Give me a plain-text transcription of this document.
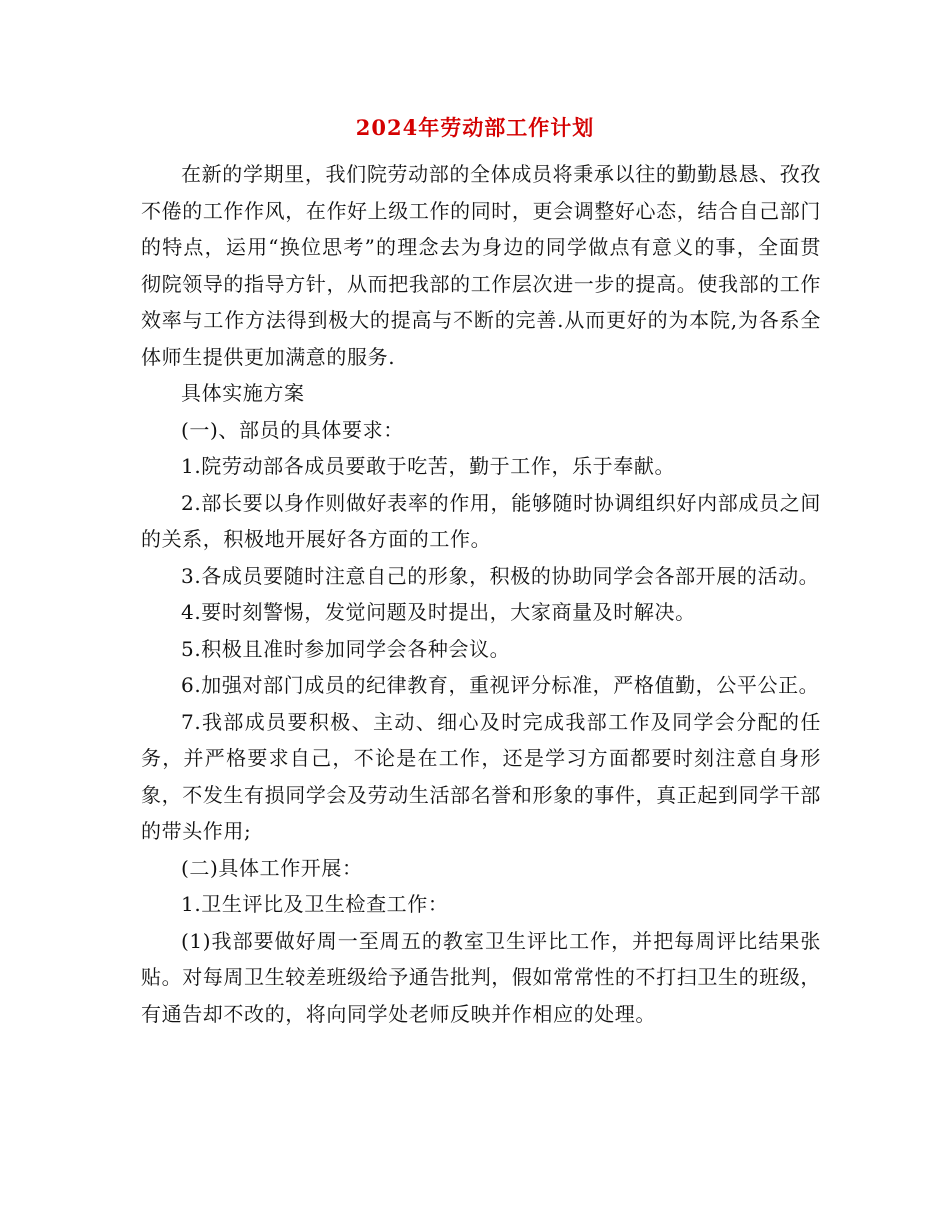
2024年劳动部工作计划

在新的学期里，我们院劳动部的全体成员将秉承以往的勤勤恳恳、孜孜不倦的工作作风，在作好上级工作的同时，更会调整好心态，结合自己部门的特点，运用“换位思考”的理念去为身边的同学做点有意义的事，全面贯彻院领导的指导方针，从而把我部的工作层次进一步的提高。使我部的工作效率与工作方法得到极大的提高与不断的完善.从而更好的为本院,为各系全体师生提供更加满意的服务.

具体实施方案

(一)、部员的具体要求：

1.院劳动部各成员要敢于吃苦，勤于工作，乐于奉献。

2.部长要以身作则做好表率的作用，能够随时协调组织好内部成员之间的关系，积极地开展好各方面的工作。

3.各成员要随时注意自己的形象，积极的协助同学会各部开展的活动。

4.要时刻警惕，发觉问题及时提出，大家商量及时解决。

5.积极且准时参加同学会各种会议。

6.加强对部门成员的纪律教育，重视评分标准，严格值勤，公平公正。

7.我部成员要积极、主动、细心及时完成我部工作及同学会分配的任务，并严格要求自己，不论是在工作，还是学习方面都要时刻注意自身形象，不发生有损同学会及劳动生活部名誉和形象的事件，真正起到同学干部的带头作用;

(二)具体工作开展：

1.卫生评比及卫生检查工作：

(1)我部要做好周一至周五的教室卫生评比工作，并把每周评比结果张贴。对每周卫生较差班级给予通告批判，假如常常性的不打扫卫生的班级，有通告却不改的，将向同学处老师反映并作相应的处理。
